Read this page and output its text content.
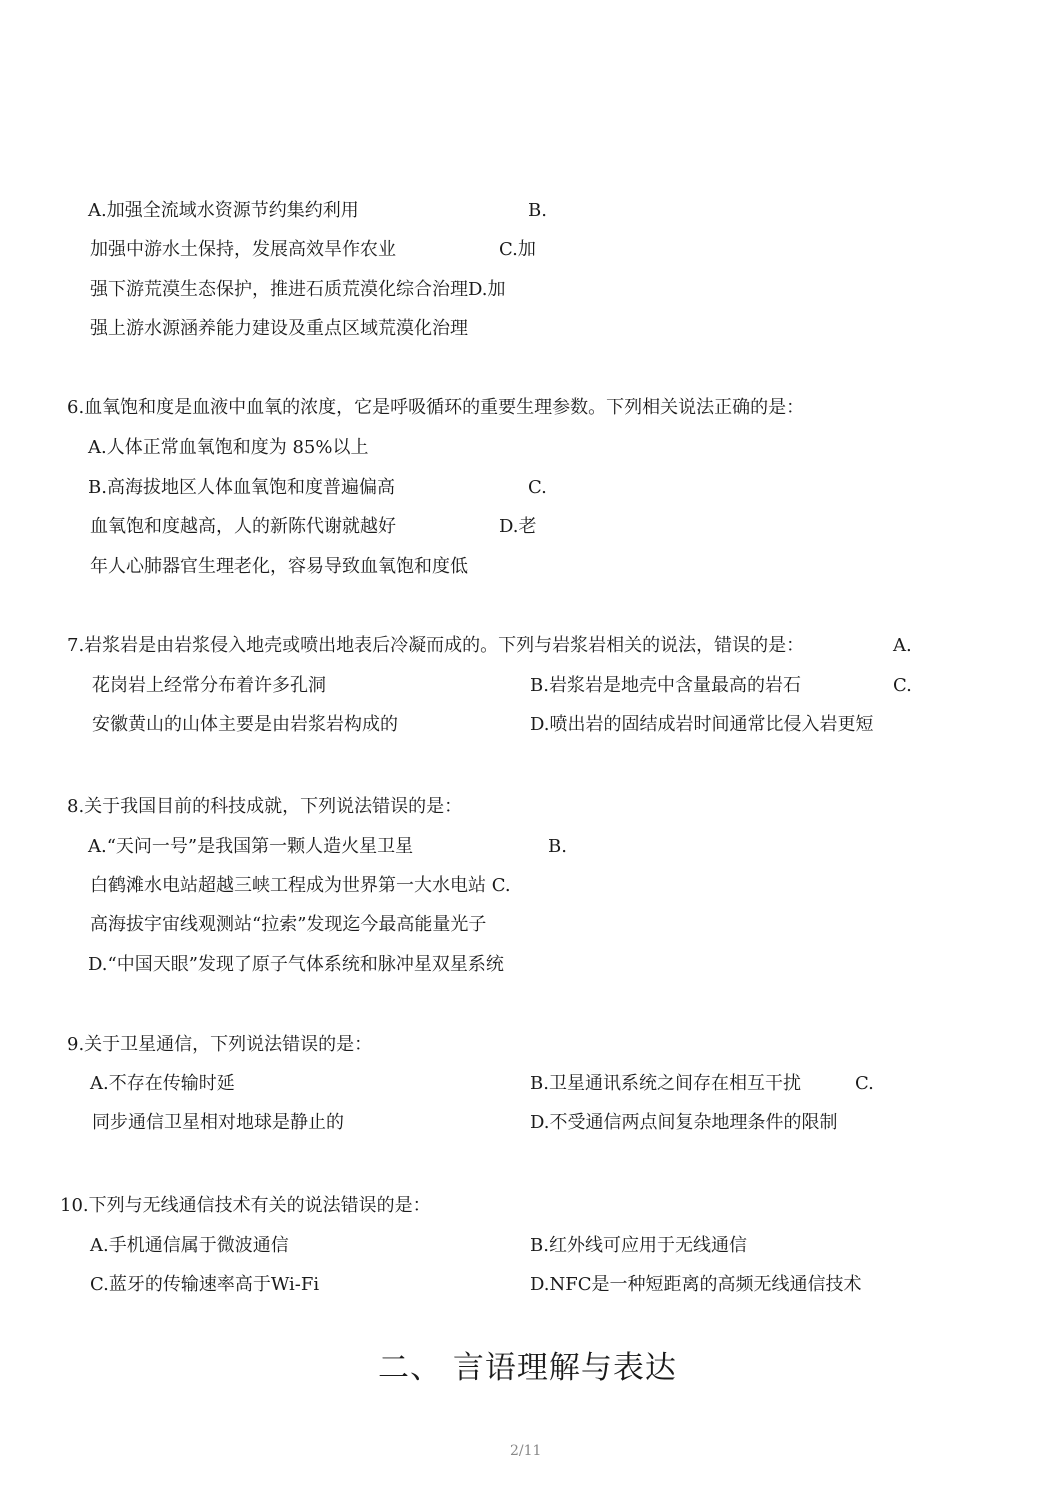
A.加强全流域水资源节约集约利用	B.
加强中游水土保持，发展高效旱作农业	C.加
强下游荒漠生态保护，推进石质荒漠化综合治理D.加
强上游水源涵养能力建设及重点区域荒漠化治理
6.血氧饱和度是血液中血氧的浓度，它是呼吸循环的重要生理参数。下列相关说法正确的是：
A.人体正常血氧饱和度为 85%以上
B.高海拔地区人体血氧饱和度普遍偏高	C.
血氧饱和度越高，人的新陈代谢就越好	D.老
年人心肺器官生理老化，容易导致血氧饱和度低
7.岩浆岩是由岩浆侵入地壳或喷出地表后冷凝而成的。下列与岩浆岩相关的说法，错误的是：	A.
花岗岩上经常分布着许多孔洞	B.岩浆岩是地壳中含量最高的岩石	C.
安徽黄山的山体主要是由岩浆岩构成的	D.喷出岩的固结成岩时间通常比侵入岩更短
8.关于我国目前的科技成就，下列说法错误的是：
A.“天问一号”是我国第一颗人造火星卫星	B.
白鹤滩水电站超越三峡工程成为世界第一大水电站 C.
高海拔宇宙线观测站“拉索”发现迄今最高能量光子
D.“中国天眼”发现了原子气体系统和脉冲星双星系统
9.关于卫星通信，下列说法错误的是：
A.不存在传输时延	B.卫星通讯系统之间存在相互干扰	C.
同步通信卫星相对地球是静止的	D.不受通信两点间复杂地理条件的限制
10.下列与无线通信技术有关的说法错误的是：
A.手机通信属于微波通信	B.红外线可应用于无线通信
C.蓝牙的传输速率高于Wi-Fi	D.NFC是一种短距离的高频无线通信技术
二、 言语理解与表达
2/11
